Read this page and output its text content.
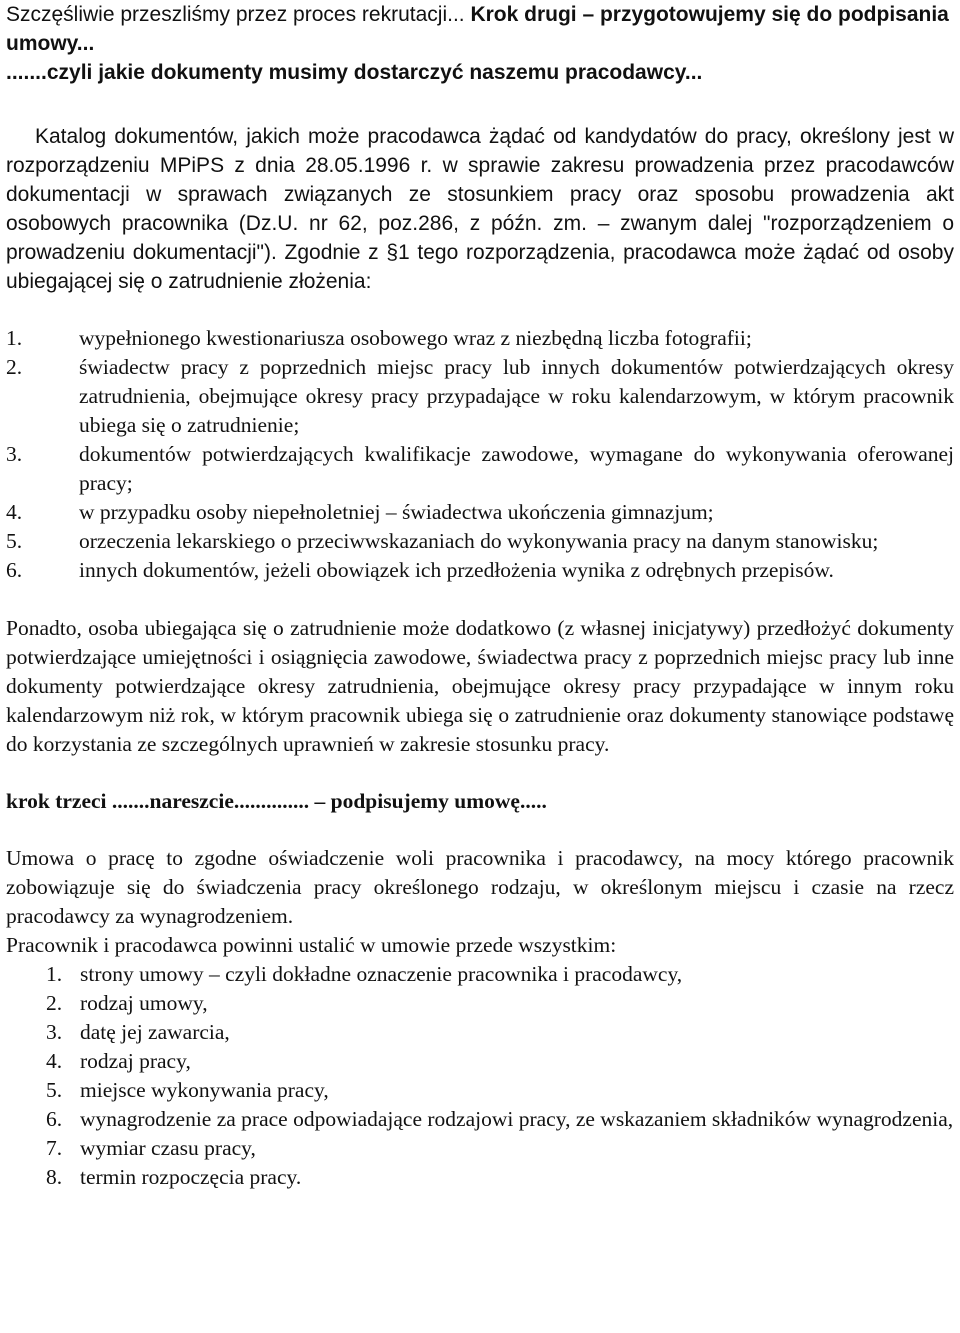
Szczęśliwie przeszliśmy przez proces rekrutacji... Krok drugi – przygotowujemy się do podpisania umowy...

.......czyli jakie dokumenty musimy dostarczyć naszemu pracodawcy...

Katalog dokumentów, jakich może pracodawca żądać od kandydatów do pracy, określony jest w rozporządzeniu MPiPS z dnia 28.05.1996 r. w sprawie zakresu prowadzenia przez pracodawców dokumentacji w sprawach związanych ze stosunkiem pracy oraz sposobu prowadzenia akt osobowych pracownika (Dz.U. nr 62, poz.286, z późn. zm. – zwanym dalej "rozporządzeniem o prowadzeniu dokumentacji"). Zgodnie z §1 tego rozporządzenia, pracodawca może żądać od osoby ubiegającej się o zatrudnienie złożenia:

1.	wypełnionego kwestionariusza osobowego wraz z niezbędną liczba fotografii;
2.	świadectw pracy z poprzednich miejsc pracy lub innych dokumentów potwierdzających okresy zatrudnienia, obejmujące okresy pracy przypadające w roku kalendarzowym, w którym pracownik ubiega się o zatrudnienie;
3.	dokumentów potwierdzających kwalifikacje zawodowe, wymagane do wykonywania oferowanej pracy;
4.	w przypadku osoby niepełnoletniej – świadectwa ukończenia gimnazjum;
5.	orzeczenia lekarskiego o przeciwwskazaniach do wykonywania pracy na danym stanowisku;
6.	innych dokumentów, jeżeli obowiązek ich przedłożenia wynika z odrębnych przepisów.

Ponadto, osoba ubiegająca się o zatrudnienie może dodatkowo (z własnej inicjatywy) przedłożyć dokumenty potwierdzające umiejętności i osiągnięcia zawodowe, świadectwa pracy z poprzednich miejsc pracy lub inne dokumenty potwierdzające okresy zatrudnienia, obejmujące okresy pracy przypadające w innym roku kalendarzowym niż rok, w którym pracownik ubiega się o zatrudnienie oraz dokumenty stanowiące podstawę do korzystania ze szczególnych uprawnień w zakresie stosunku pracy.

krok trzeci .......nareszcie.............. – podpisujemy umowę.....

Umowa o pracę to zgodne oświadczenie woli pracownika i pracodawcy, na mocy którego pracownik zobowiązuje się do świadczenia pracy określonego rodzaju, w określonym miejscu i czasie na rzecz pracodawcy za wynagrodzeniem.

Pracownik i pracodawca powinni ustalić w umowie przede wszystkim:

1. strony umowy – czyli dokładne oznaczenie pracownika i pracodawcy,
2. rodzaj umowy,
3. datę jej zawarcia,
4. rodzaj pracy,
5. miejsce wykonywania pracy,
6. wynagrodzenie za prace odpowiadające rodzajowi pracy, ze wskazaniem składników wynagrodzenia,
7. wymiar czasu pracy,
8. termin rozpoczęcia pracy.
